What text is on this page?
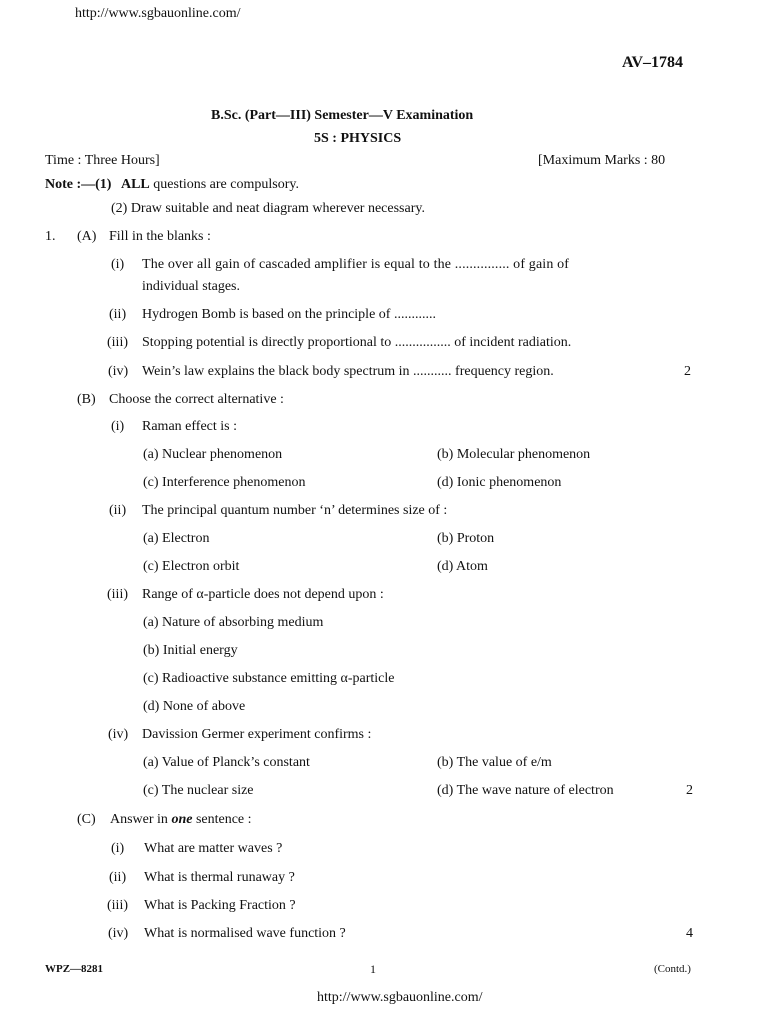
http://www.sgbauonline.com/
AV–1784
B.Sc. (Part—III) Semester—V Examination
5S : PHYSICS
Time : Three Hours]	[Maximum Marks : 80
Note :—(1) ALL questions are compulsory.
(2) Draw suitable and neat diagram wherever necessary.
1. (A) Fill in the blanks :
(i) The over all gain of cascaded amplifier is equal to the ............... of gain of
individual stages.
(ii) Hydrogen Bomb is based on the principle of ............
(iii) Stopping potential is directly proportional to ................ of incident radiation.
(iv) Wein’s law explains the black body spectrum in ........... frequency region.	2
(B) Choose the correct alternative :
(i) Raman effect is :
(a) Nuclear phenomenon	(b) Molecular phenomenon
(c) Interference phenomenon	(d) Ionic phenomenon
(ii) The principal quantum number ‘n’ determines size of :
(a) Electron	(b) Proton
(c) Electron orbit	(d) Atom
(iii) Range of α-particle does not depend upon :
(a) Nature of absorbing medium
(b) Initial energy
(c) Radioactive substance emitting α-particle
(d) None of above
(iv) Davission Germer experiment confirms :
(a) Value of Planck’s constant	(b) The value of e/m
(c) The nuclear size	(d) The wave nature of electron	2
(C) Answer in one sentence :
(i) What are matter waves ?
(ii) What is thermal runaway ?
(iii) What is Packing Fraction ?
(iv) What is normalised wave function ?	4
WPZ—8281	1	(Contd.)
http://www.sgbauonline.com/
